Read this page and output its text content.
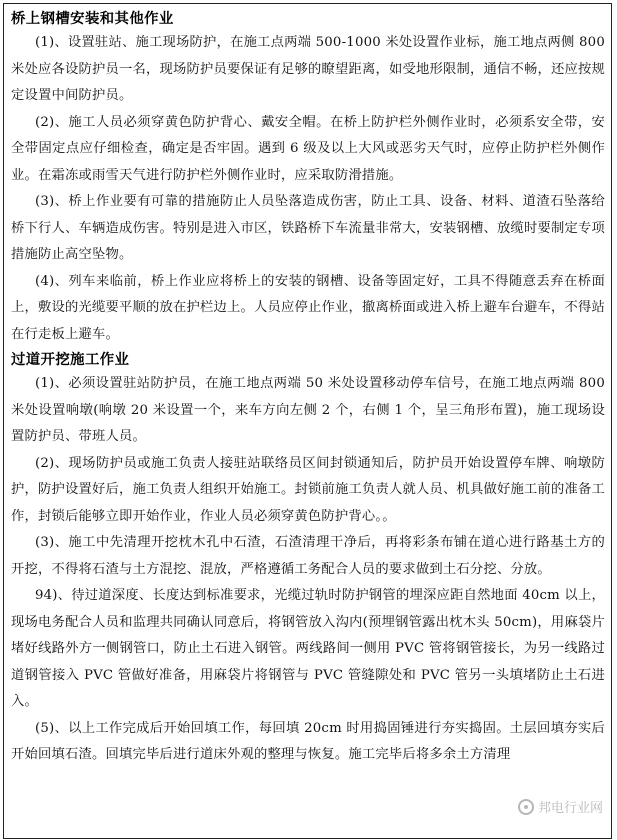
桥上钢槽安装和其他作业

(1)、设置驻站、施工现场防护，在施工点两端 500-1000 米处设置作业标，施工地点两侧 800 米处应各设防护员一名，现场防护员要保证有足够的瞭望距离，如受地形限制，通信不畅，还应按规定设置中间防护员。

(2)、施工人员必须穿黄色防护背心、戴安全帽。在桥上防护栏外侧作业时，必须系安全带，安全带固定点应仔细检查，确定是否牢固。遇到 6 级及以上大风或恶劣天气时，应停止防护栏外侧作业。在霜冻或雨雪天气进行防护栏外侧作业时，应采取防滑措施。

(3)、桥上作业要有可靠的措施防止人员坠落造成伤害，防止工具、设备、材料、道渣石坠落给桥下行人、车辆造成伤害。特别是进入市区，铁路桥下车流量非常大，安装钢槽、放缆时要制定专项措施防止高空坠物。

(4)、列车来临前，桥上作业应将桥上的安装的钢槽、设备等固定好，工具不得随意丢弃在桥面上，敷设的光缆要平顺的放在护栏边上。人员应停止作业，撤离桥面或进入桥上避车台避车，不得站在行走板上避车。

过道开挖施工作业

(1)、必须设置驻站防护员，在施工地点两端 50 米处设置移动停车信号，在施工地点两端 800 米处设置响墩(响墩 20 米设置一个，来车方向左侧 2 个，右侧 1 个，呈三角形布置)，施工现场设置防护员、带班人员。

(2)、现场防护员或施工负责人接驻站联络员区间封锁通知后，防护员开始设置停车牌、响墩防护，防护设置好后，施工负责人组织开始施工。封锁前施工负责人就人员、机具做好施工前的准备工作，封锁后能够立即开始作业，作业人员必须穿黄色防护背心。。

(3)、施工中先清理开挖枕木孔中石渣，石渣清理干净后，再将彩条布铺在道心进行路基土方的开挖，不得将石渣与土方混挖、混放，严格遵循工务配合人员的要求做到土石分挖、分放。

94)、待过道深度、长度达到标准要求，光缆过轨时防护钢管的埋深应距自然地面 40cm 以上，现场电务配合人员和监理共同确认同意后，将钢管放入沟内(预埋钢管露出枕木头 50cm)，用麻袋片堵好线路外方一侧钢管口，防止土石进入钢管。两线路间一侧用 PVC 管将钢管接长，为另一线路过道钢管接入 PVC 管做好准备，用麻袋片将钢管与 PVC 管缝隙处和 PVC 管另一头填堵防止土石进入。

(5)、以上工作完成后开始回填工作，每回填 20cm 时用捣固锤进行夯实捣固。土层回填夯实后开始回填石渣。回填完毕后进行道床外观的整理与恢复。施工完毕后将多余土方清理

邦电行业网
